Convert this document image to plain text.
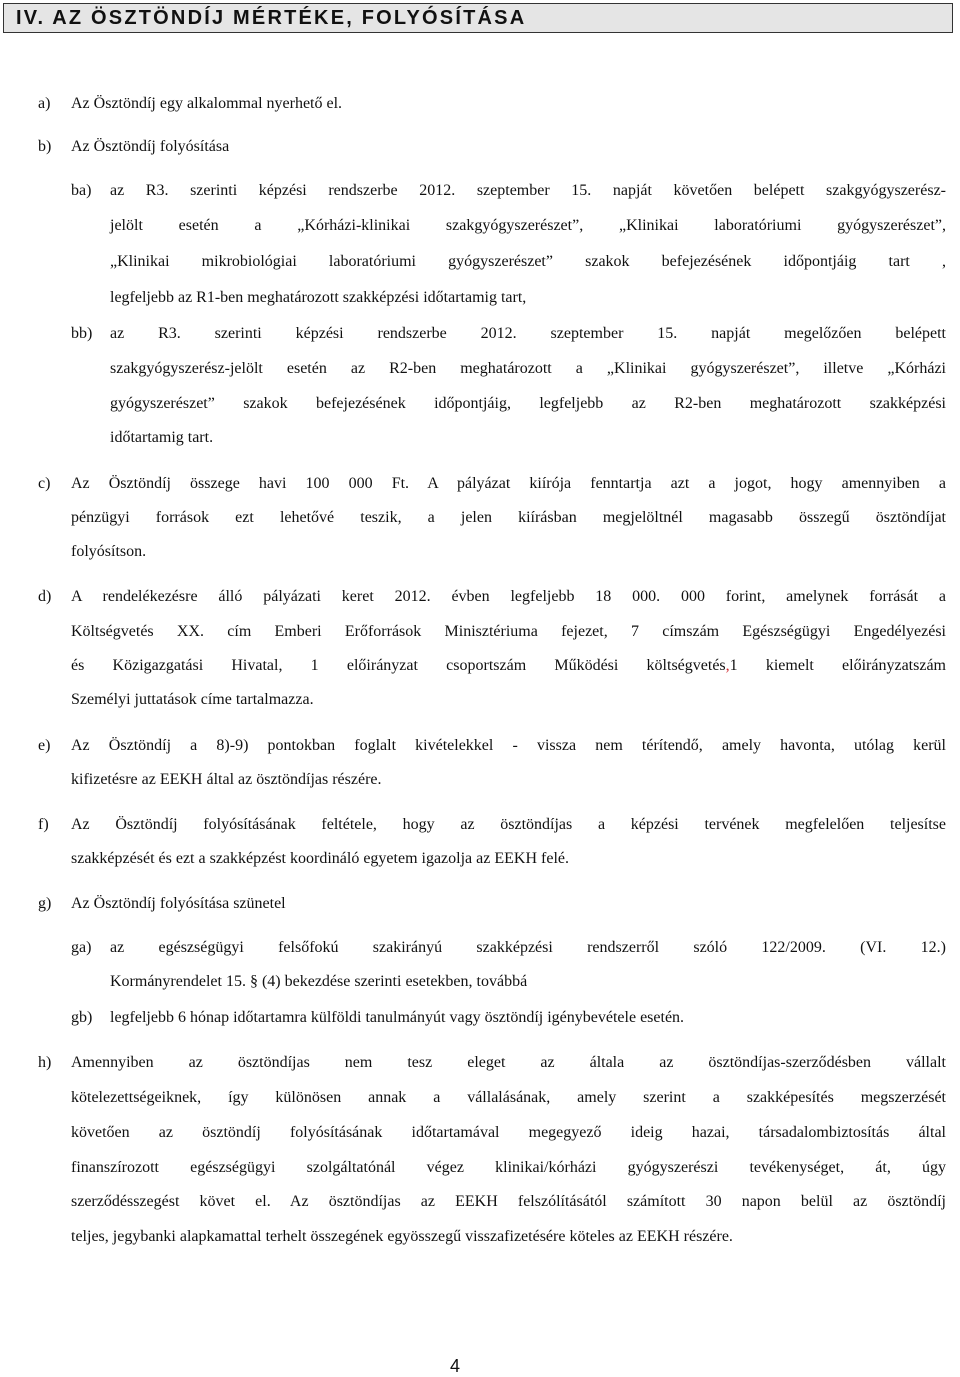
IV. AZ ÖSZTÖNDÍJ MÉRTÉKE, FOLYÓSÍTÁSA
a) Az Ösztöndíj egy alkalommal nyerhető el.
b) Az Ösztöndíj folyósítása
ba) az R3. szerinti képzési rendszerbe 2012. szeptember 15. napját követően belépett szakgyógyszerész-
jelölt esetén a „Kórházi-klinikai szakgyógyszerészet”, „Klinikai laboratóriumi gyógyszerészet”,
„Klinikai mikrobiológiai laboratóriumi gyógyszerészet” szakok befejezésének időpontjáig tart ,
legfeljebb az R1-ben meghatározott szakképzési időtartamig tart,
bb) az R3. szerinti képzési rendszerbe 2012. szeptember 15. napját megelőzően belépett
szakgyógyszerész-jelölt esetén az R2-ben meghatározott a „Klinikai gyógyszerészet”, illetve „Kórházi
gyógyszerészet” szakok befejezésének időpontjáig, legfeljebb az R2-ben meghatározott szakképzési
időtartamig tart.
c) Az Ösztöndíj összege havi 100 000 Ft. A pályázat kiírója fenntartja azt a jogot, hogy amennyiben a
pénzügyi források ezt lehetővé teszik, a jelen kiírásban megjelöltnél magasabb összegű ösztöndíjat
folyósítson.
d) A rendelékezésre álló pályázati keret 2012. évben legfeljebb 18 000. 000 forint, amelynek forrását a
Költségvetés XX. cím Emberi Erőforrások Minisztériuma fejezet, 7 címszám Egészségügyi Engedélyezési
és Közigazgatási Hivatal, 1 előirányzat csoportszám Működési költségvetés,1 kiemelt előirányzatszám
Személyi juttatások címe tartalmazza.
e) Az Ösztöndíj a 8)-9) pontokban foglalt kivételekkel - vissza nem térítendő, amely havonta, utólag kerül
kifizetésre az EEKH által az ösztöndíjas részére.
f) Az Ösztöndíj folyósításának feltétele, hogy az ösztöndíjas a képzési tervének megfelelően teljesítse
szakképzését és ezt a szakképzést koordináló egyetem igazolja az EEKH felé.
g) Az Ösztöndíj folyósítása szünetel
ga) az egészségügyi felsőfokú szakirányú szakképzési rendszerről szóló 122/2009. (VI. 12.)
Kormányrendelet 15. § (4) bekezdése szerinti esetekben, továbbá
gb) legfeljebb 6 hónap időtartamra külföldi tanulmányút vagy ösztöndíj igénybevétele esetén.
h) Amennyiben az ösztöndíjas nem tesz eleget az általa az ösztöndíjas-szerződésben vállalt
kötelezettségeiknek, így különösen annak a vállalásának, amely szerint a szakképesítés megszerzését
követően az ösztöndíj folyósításának időtartamával megegyező ideig hazai, társadalombiztosítás által
finanszírozott egészségügyi szolgáltatónál végez klinikai/kórházi gyógyszerészi tevékenységet, át, úgy
szerződésszegést követ el. Az ösztöndíjas az EEKH felszólításától számított 30 napon belül az ösztöndíj
teljes, jegybanki alapkamattal terhelt összegének egyösszegű visszafizetésére köteles az EEKH részére.
4
